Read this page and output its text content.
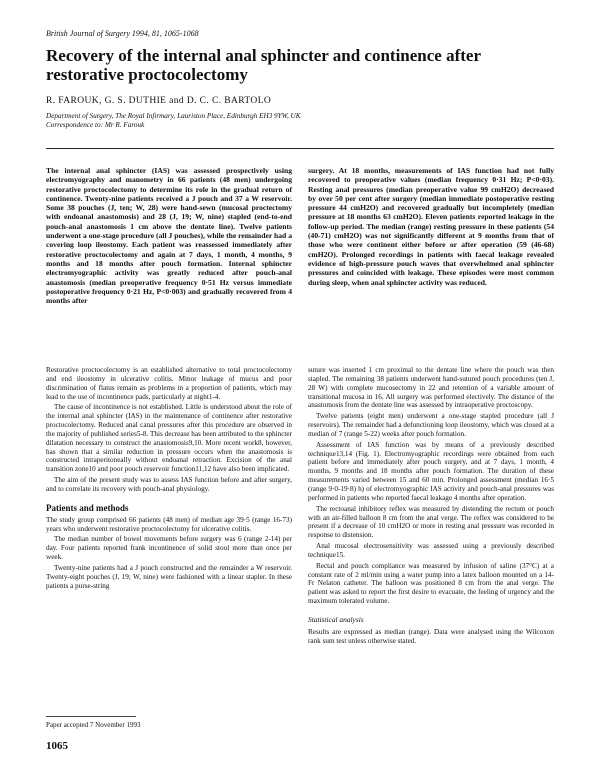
British Journal of Surgery 1994, 81, 1065-1068
Recovery of the internal anal sphincter and continence after restorative proctocolectomy
R. FAROUK, G. S. DUTHIE and D. C. C. BARTOLO
Department of Surgery, The Royal Infirmary, Lauriston Place, Edinburgh EH3 9YW, UK
Correspondence to: Mr R. Farouk
The internal anal sphincter (IAS) was assessed prospectively using electromyography and manometry in 66 patients (48 men) undergoing restorative proctocolectomy to determine its role in the gradual return of continence. Twenty-nine patients received a J pouch and 37 a W reservoir. Some 38 pouches (J, ten; W, 28) were hand-sewn (mucosal proctectomy with endoanal anastomosis) and 28 (J, 19; W, nine) stapled (end-to-end pouch-anal anastomosis 1 cm above the dentate line). Twelve patients underwent a one-stage procedure (all J pouches), while the remainder had a covering loop ileostomy. Each patient was reassessed immediately after restorative proctocolectomy and again at 7 days, 1 month, 4 months, 9 months and 18 months after pouch formation. Internal sphincter electromyographic activity was greatly reduced after pouch-anal anastomosis (median preoperative frequency 0·51 Hz versus immediate postoperative frequency 0·21 Hz, P<0·003) and gradually recovered from 4 months after
surgery. At 18 months, measurements of IAS function had not fully recovered to preoperative values (median frequency 0·31 Hz; P<0·03). Resting anal pressures (median preoperative value 99 cmH2O) decreased by over 50 per cent after surgery (median immediate postoperative resting pressure 44 cmH2O) and recovered gradually but incompletely (median pressure at 18 months 63 cmH2O). Eleven patients reported leakage in the follow-up period. The median (range) resting pressure in these patients (54 (40-71) cmH2O) was not significantly different at 9 months from that of those who were continent either before or after operation (59 (46-68) cmH2O). Prolonged recordings in patients with faecal leakage revealed evidence of high-pressure pouch waves that overwhelmed anal sphincter pressures and coincided with leakage. These episodes were most common during sleep, when anal sphincter activity was reduced.

Restorative proctocolectomy is an established alternative to total proctocolectomy and end ileostomy in ulcerative colitis. Minor leakage of mucus and poor discrimination of flatus remain as problems in a proportion of patients, which may lead to the use of incontinence pads, particularly at night1-4.

The cause of incontinence is not established. Little is understood about the role of the internal anal sphincter (IAS) in the maintenance of continence after restorative proctocolectomy. Reduced anal canal pressures after this procedure are observed in the majority of published series5-8. This decrease has been attributed to the sphincter dilatation necessary to construct the anastomosis9,10. More recent work8, however, has shown that a similar reduction in pressure occurs when the anastomosis is constructed intraperitoneally without endoanal retraction. Excision of the anal transition zone10 and poor pouch reservoir function11,12 have also been implicated.

The aim of the present study was to assess IAS function before and after surgery, and to correlate its recovery with pouch-anal physiology.

Patients and methods

The study group comprised 66 patients (48 men) of median age 39·5 (range 16-73) years who underwent restorative proctocolectomy for ulcerative colitis.

The median number of bowel movements before surgery was 6 (range 2-14) per day. Four patients reported frank incontinence of solid stool more than once per week.

Twenty-nine patients had a J pouch constructed and the remainder a W reservoir. Twenty-eight pouches (J, 19; W, nine) were fashioned with a linear stapler. In these patients a purse-string

Paper accepted 7 November 1993
1065

suture was inserted 1 cm proximal to the dentate line where the pouch was then stapled. The remaining 38 patients underwent hand-sutured pouch procedures (ten J, 28 W) with complete mucosectomy in 22 and retention of a variable amount of transitional mucosa in 16. All surgery was performed electively. The distance of the anastomosis from the dentate line was assessed by intraoperative proctoscopy.

Twelve patients (eight men) underwent a one-stage stapled procedure (all J reservoirs). The remainder had a defunctioning loop ileostomy, which was closed at a median of 7 (range 5-22) weeks after pouch formation.

Assessment of IAS function was by means of a previously described technique13,14 (Fig. 1). Electromyographic recordings were obtained from each patient before and immediately after pouch surgery, and at 7 days, 1 month, 4 months, 9 months and 18 months after pouch formation. The duration of these measurements varied between 15 and 60 min. Prolonged assessment (median 16·5 (range 9·0-19·8) h) of electromyographic IAS activity and pouch-anal pressures was performed in patients who reported faecal leakage 4 months after operation.

The rectoanal inhibitory reflex was measured by distending the rectum or pouch with an air-filled balloon 8 cm from the anal verge. The reflex was considered to be present if a decrease of 10 cmH2O or more in resting anal pressure was recorded in response to distension.

Anal mucosal electrosensitivity was assessed using a previously described technique15.

Rectal and pouch compliance was measured by infusion of saline (37°C) at a constant rate of 2 ml/min using a water pump into a latex balloon mounted on a 14-Fr Nelaton catheter. The balloon was positioned 8 cm from the anal verge. The patient was asked to report the first desire to evacuate, the feeling of urgency and the maximum tolerated volume.

Statistical analysis

Results are expressed as median (range). Data were analysed using the Wilcoxon rank sum test unless otherwise stated.
